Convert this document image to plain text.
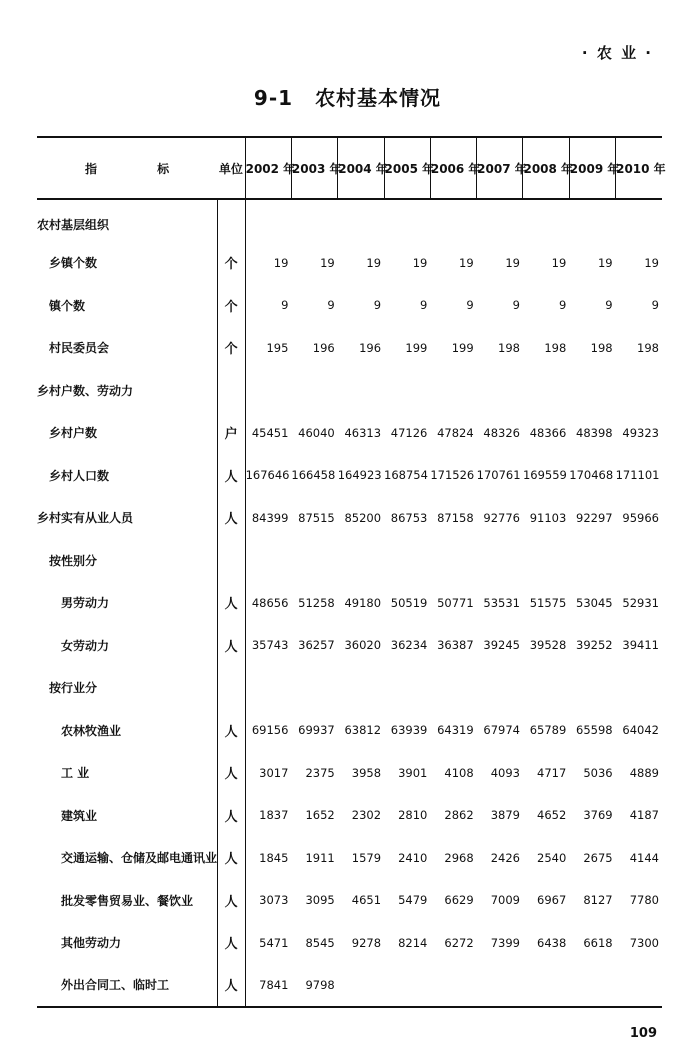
· 农 业 ·
9-1 农村基本情况
指 标	单位	2002 年	2003 年	2004 年	2005 年	2006 年	2007 年	2008 年	2009 年	2010 年
农村基层组织										
乡镇个数	个	19	19	19	19	19	19	19	19	19
镇个数	个	9	9	9	9	9	9	9	9	9
村民委员会	个	195	196	196	199	199	198	198	198	198
乡村户数、劳动力										
乡村户数	户	45451	46040	46313	47126	47824	48326	48366	48398	49323
乡村人口数	人	167646	166458	164923	168754	171526	170761	169559	170468	171101
乡村实有从业人员	人	84399	87515	85200	86753	87158	92776	91103	92297	95966
按性别分										
男劳动力	人	48656	51258	49180	50519	50771	53531	51575	53045	52931
女劳动力	人	35743	36257	36020	36234	36387	39245	39528	39252	39411
按行业分										
农林牧渔业	人	69156	69937	63812	63939	64319	67974	65789	65598	64042
工 业	人	3017	2375	3958	3901	4108	4093	4717	5036	4889
建筑业	人	1837	1652	2302	2810	2862	3879	4652	3769	4187
交通运输、仓储及邮电通讯业	人	1845	1911	1579	2410	2968	2426	2540	2675	4144
批发零售贸易业、餐饮业	人	3073	3095	4651	5479	6629	7009	6967	8127	7780
其他劳动力	人	5471	8545	9278	8214	6272	7399	6438	6618	7300
外出合同工、临时工	人	7841	9798							
109
